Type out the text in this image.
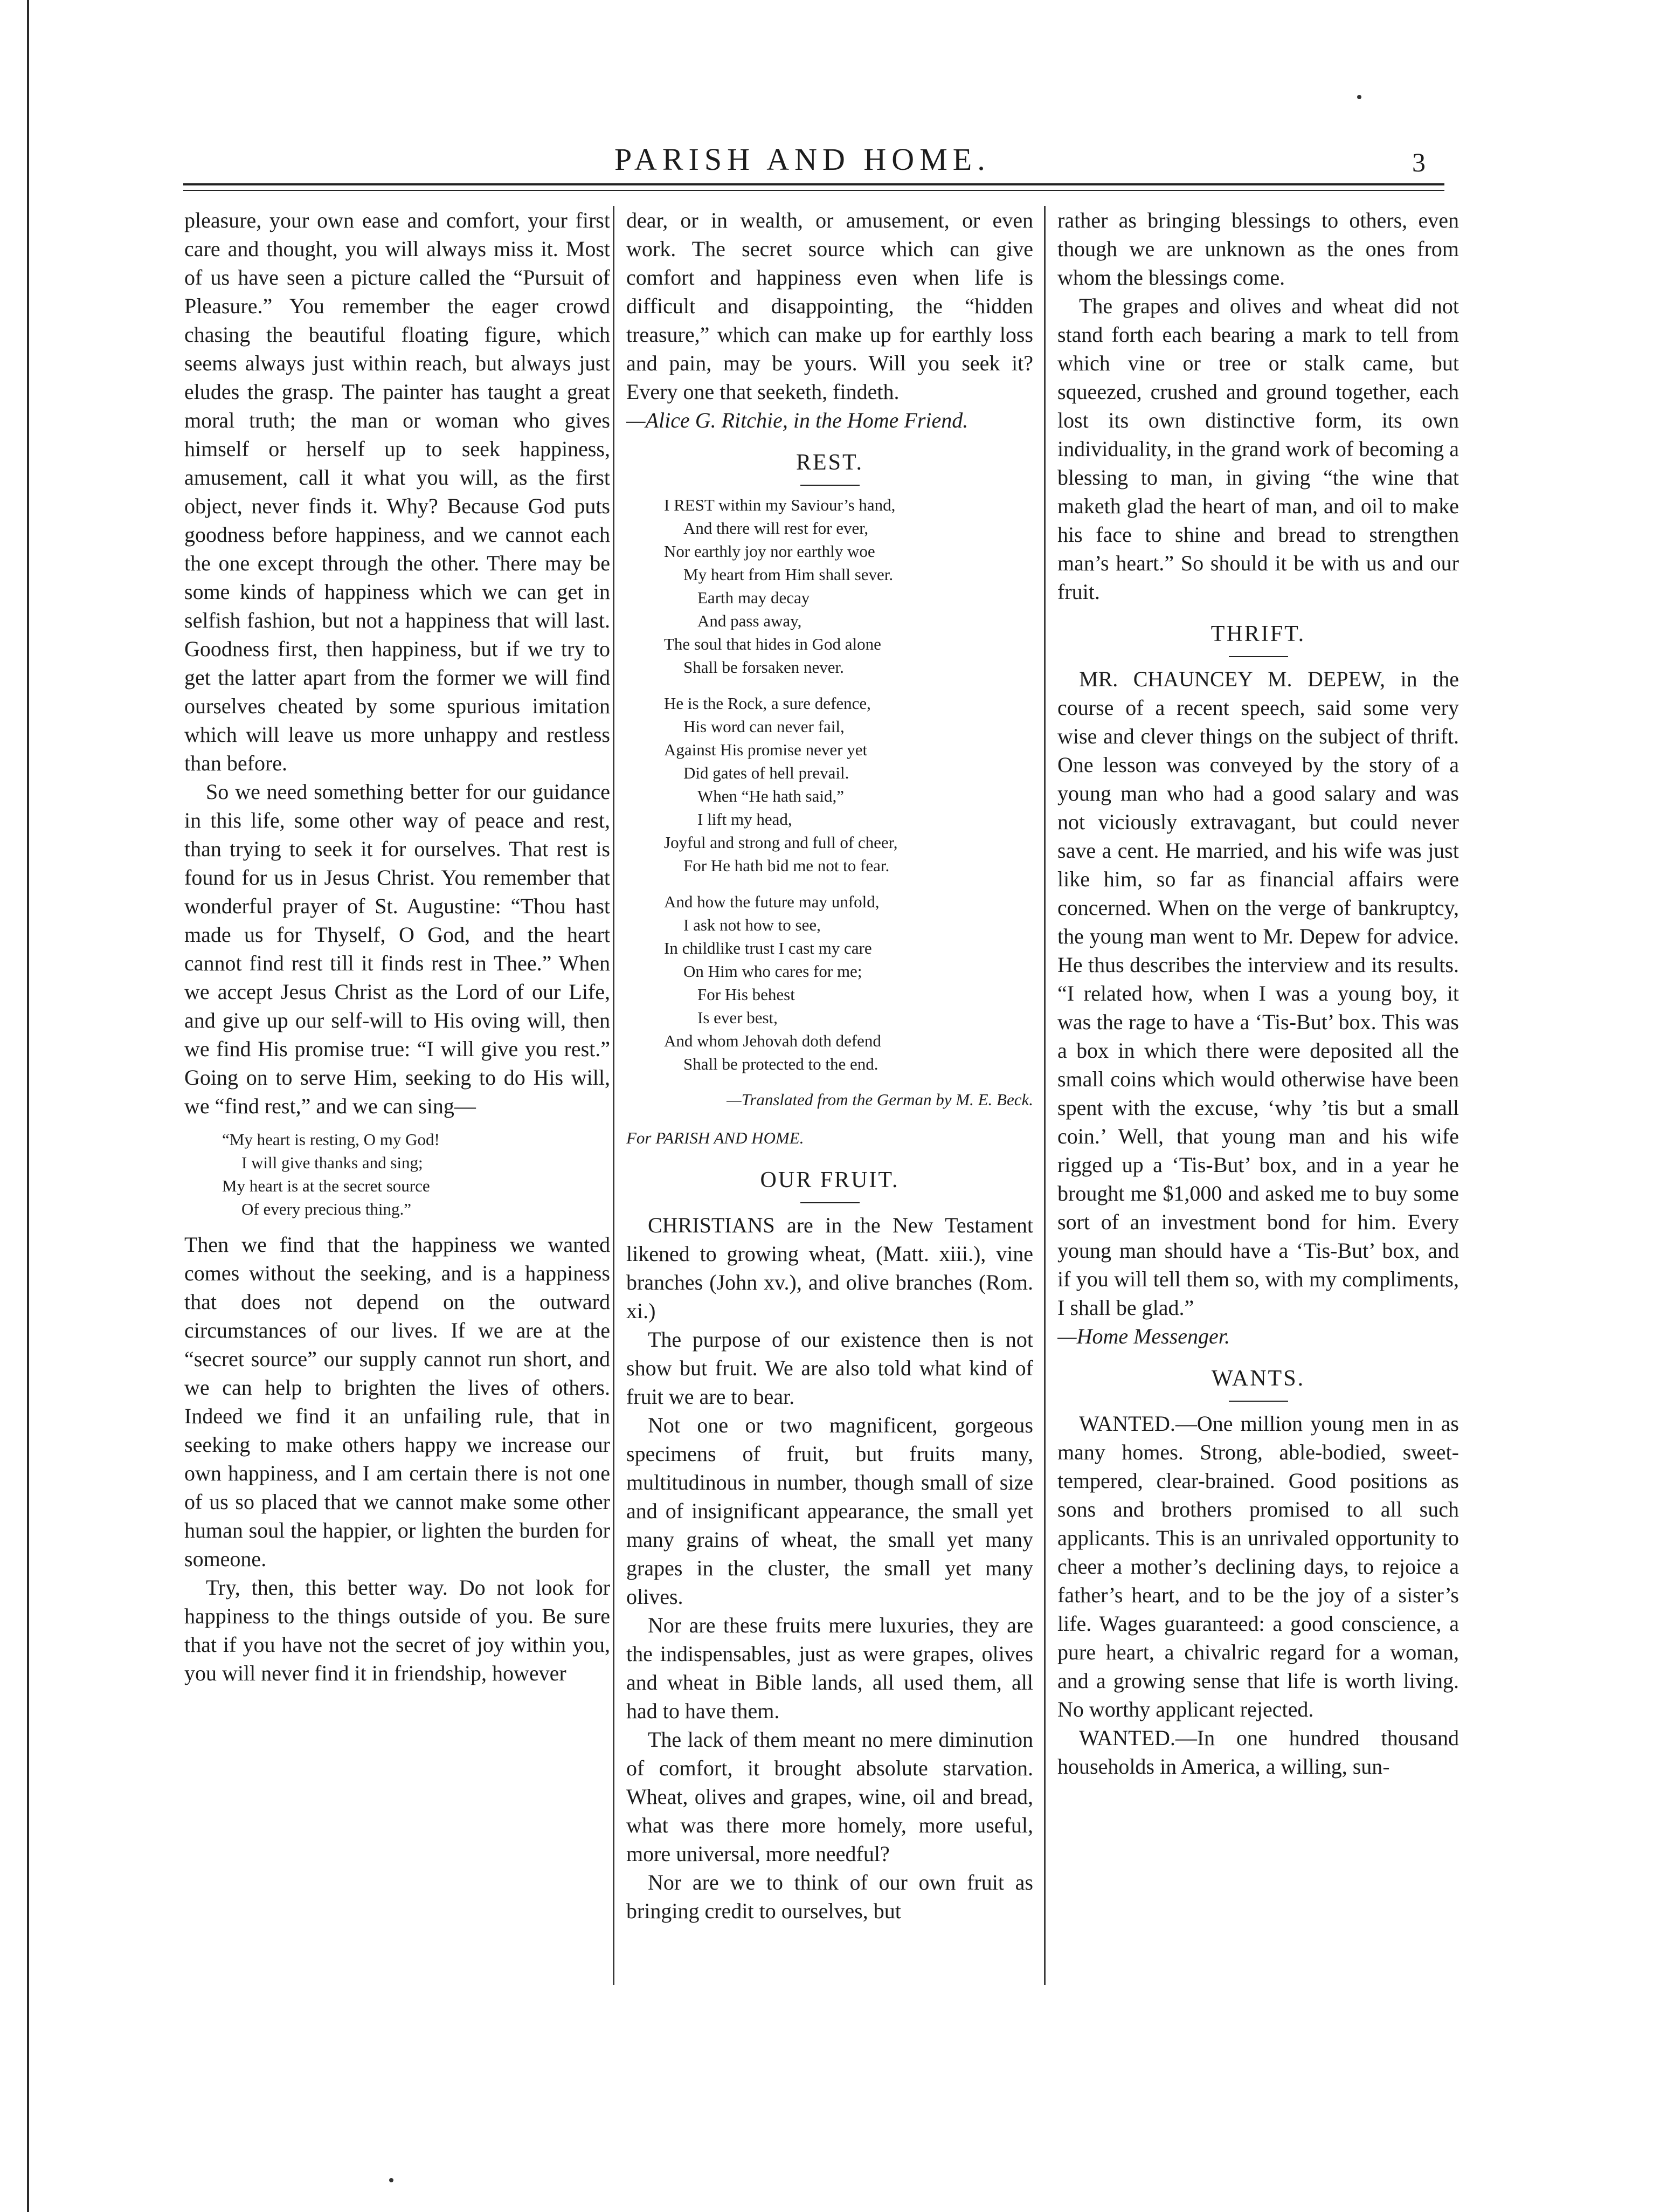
PARISH AND HOME.	3

pleasure, your own ease and comfort, your first care and thought, you will always miss it. Most of us have seen a picture called the “Pursuit of Pleasure.” You remember the eager crowd chasing the beautiful floating figure, which seems always just within reach, but always just eludes the grasp. The painter has taught a great moral truth; the man or woman who gives himself or herself up to seek happiness, amusement, call it what you will, as the first object, never finds it. Why? Because God puts goodness before happiness, and we cannot each the one except through the other. There may be some kinds of happiness which we can get in selfish fashion, but not a happiness that will last. Goodness first, then happiness, but if we try to get the latter apart from the former we will find ourselves cheated by some spurious imitation which will leave us more unhappy and restless than before.

So we need something better for our guidance in this life, some other way of peace and rest, than trying to seek it for ourselves. That rest is found for us in Jesus Christ. You remember that wonderful prayer of St. Augustine: “Thou hast made us for Thyself, O God, and the heart cannot find rest till it finds rest in Thee.” When we accept Jesus Christ as the Lord of our Life, and give up our self-will to His oving will, then we find His promise true: “I will give you rest.” Going on to serve Him, seeking to do His will, we “find rest,” and we can sing—

“My heart is resting, O my God!
I will give thanks and sing;
My heart is at the secret source
Of every precious thing.”

Then we find that the happiness we wanted comes without the seeking, and is a happiness that does not depend on the outward circumstances of our lives. If we are at the “secret source” our supply cannot run short, and we can help to brighten the lives of others. Indeed we find it an unfailing rule, that in seeking to make others happy we increase our own happiness, and I am certain there is not one of us so placed that we cannot make some other human soul the happier, or lighten the burden for someone.

Try, then, this better way. Do not look for happiness to the things outside of you. Be sure that if you have not the secret of joy within you, you will never find it in friendship, however

dear, or in wealth, or amusement, or even work. The secret source which can give comfort and happiness even when life is difficult and disappointing, the “hidden treasure,” which can make up for earthly loss and pain, may be yours. Will you seek it? Every one that seeketh, findeth.

—Alice G. Ritchie, in the Home Friend.

REST.
I REST within my Saviour’s hand,
And there will rest for ever,
Nor earthly joy nor earthly woe
My heart from Him shall sever.
Earth may decay
And pass away,
The soul that hides in God alone
Shall be forsaken never.
He is the Rock, a sure defence,
His word can never fail,
Against His promise never yet
Did gates of hell prevail.
When “He hath said,”
I lift my head,
Joyful and strong and full of cheer,
For He hath bid me not to fear.
And how the future may unfold,
I ask not how to see,
In childlike trust I cast my care
On Him who cares for me;
For His behest
Is ever best,
And whom Jehovah doth defend
Shall be protected to the end.
—Translated from the German by M. E. Beck.
For PARISH AND HOME.
OUR FRUIT.

CHRISTIANS are in the New Testament likened to growing wheat, (Matt. xiii.), vine branches (John xv.), and olive branches (Rom. xi.)

The purpose of our existence then is not show but fruit. We are also told what kind of fruit we are to bear.

Not one or two magnificent, gorgeous specimens of fruit, but fruits many, multitudinous in number, though small of size and of insignificant appearance, the small yet many grains of wheat, the small yet many grapes in the cluster, the small yet many olives.

Nor are these fruits mere luxuries, they are the indispensables, just as were grapes, olives and wheat in Bible lands, all used them, all had to have them.

The lack of them meant no mere diminution of comfort, it brought absolute starvation. Wheat, olives and grapes, wine, oil and bread, what was there more homely, more useful, more universal, more needful?

Nor are we to think of our own fruit as bringing credit to ourselves, but

rather as bringing blessings to others, even though we are unknown as the ones from whom the blessings come.

The grapes and olives and wheat did not stand forth each bearing a mark to tell from which vine or tree or stalk came, but squeezed, crushed and ground together, each lost its own distinctive form, its own individuality, in the grand work of becoming a blessing to man, in giving “the wine that maketh glad the heart of man, and oil to make his face to shine and bread to strengthen man’s heart.” So should it be with us and our fruit.

THRIFT.

MR. CHAUNCEY M. DEPEW, in the course of a recent speech, said some very wise and clever things on the subject of thrift. One lesson was conveyed by the story of a young man who had a good salary and was not viciously extravagant, but could never save a cent. He married, and his wife was just like him, so far as financial affairs were concerned. When on the verge of bankruptcy, the young man went to Mr. Depew for advice. He thus describes the interview and its results. “I related how, when I was a young boy, it was the rage to have a ‘Tis-But’ box. This was a box in which there were deposited all the small coins which would otherwise have been spent with the excuse, ‘why ’tis but a small coin.’ Well, that young man and his wife rigged up a ‘Tis-But’ box, and in a year he brought me $1,000 and asked me to buy some sort of an investment bond for him. Every young man should have a ‘Tis-But’ box, and if you will tell them so, with my compliments, I shall be glad.”

—Home Messenger.

WANTS.

WANTED.—One million young men in as many homes. Strong, able-bodied, sweet-tempered, clear-brained. Good positions as sons and brothers promised to all such applicants. This is an unrivaled opportunity to cheer a mother’s declining days, to rejoice a father’s heart, and to be the joy of a sister’s life. Wages guaranteed: a good conscience, a pure heart, a chivalric regard for a woman, and a growing sense that life is worth living. No worthy applicant rejected.

WANTED.—In one hundred thousand households in America, a willing, sun-
